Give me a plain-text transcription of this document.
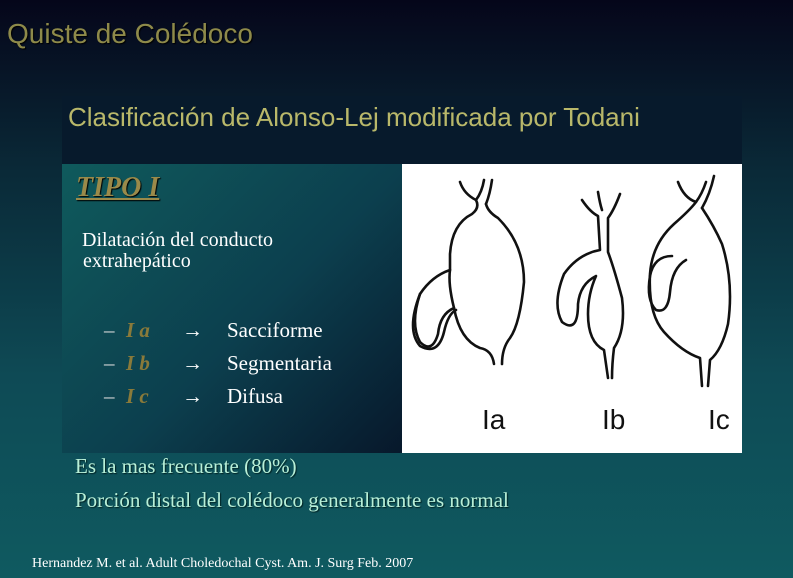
Quiste de Colédoco
Clasificación de Alonso-Lej modificada por Todani
TIPO I
Dilatación del conducto
extrahepático
– I a → Sacciforme
– I b → Segmentaria
– I c → Difusa
Ia	Ib	Ic
Es la mas frecuente (80%)
Porción distal del colédoco generalmente es normal
Hernandez M. et al. Adult Choledochal Cyst. Am. J. Surg Feb. 2007
